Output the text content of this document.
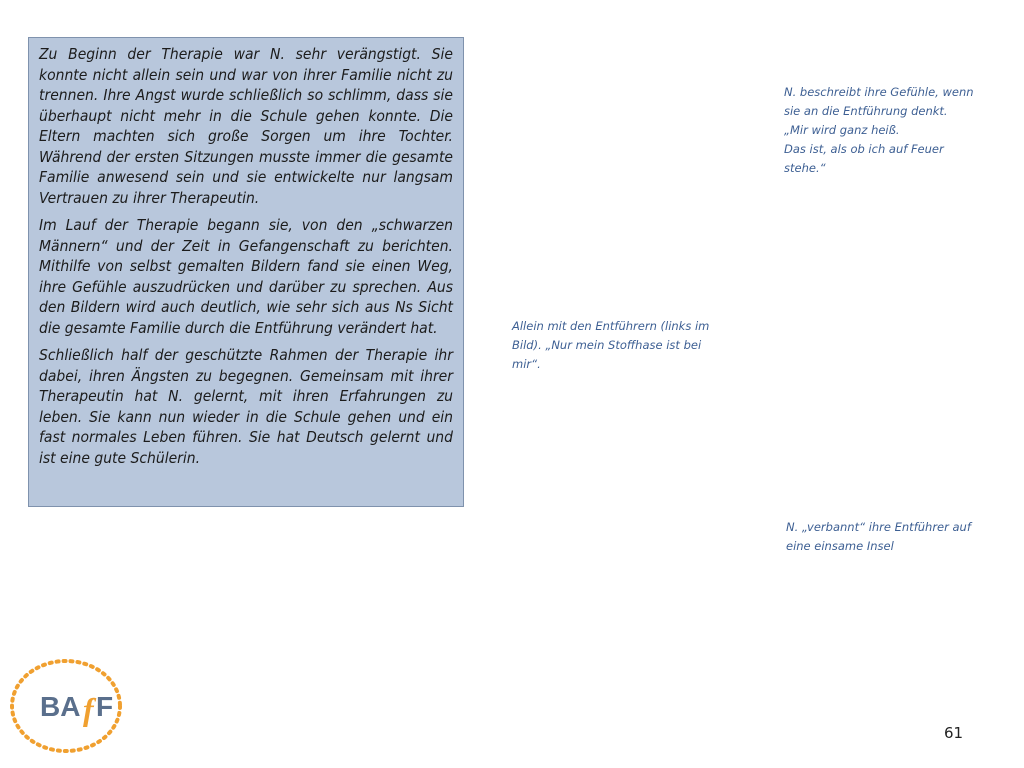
Zu Beginn der Therapie war N. sehr verängstigt. Sie konnte nicht allein sein und war von ihrer Familie nicht zu trennen. Ihre Angst wurde schließlich so schlimm, dass sie überhaupt nicht mehr in die Schule gehen konnte. Die Eltern machten sich große Sorgen um ihre Tochter. Während der ersten Sitzungen musste immer die gesamte Familie anwesend sein und sie entwickelte nur langsam Vertrauen zu ihrer Therapeutin.

Im Lauf der Therapie begann sie, von den „schwarzen Männern“ und der Zeit in Gefangenschaft zu berichten. Mithilfe von selbst gemalten Bildern fand sie einen Weg, ihre Gefühle auszudrücken und darüber zu sprechen. Aus den Bildern wird auch deutlich, wie sehr sich aus Ns Sicht die gesamte Familie durch die Entführung verändert hat.

Schließlich half der geschützte Rahmen der Therapie ihr dabei, ihren Ängsten zu begegnen. Gemeinsam mit ihrer Therapeutin hat N. gelernt, mit ihren Erfahrungen zu leben. Sie kann nun wieder in die Schule gehen und ein fast normales Leben führen. Sie hat Deutsch gelernt und ist eine gute Schülerin.

N. beschreibt ihre Gefühle, wenn
sie an die Entführung denkt.
„Mir wird ganz heiß.
Das ist, als ob ich auf Feuer
stehe.“
Allein mit den Entführern (links im
Bild). „Nur mein Stoffhase ist bei
mir“.
N. „verbannt“ ihre Entführer auf
eine einsame Insel
BA f F
61
